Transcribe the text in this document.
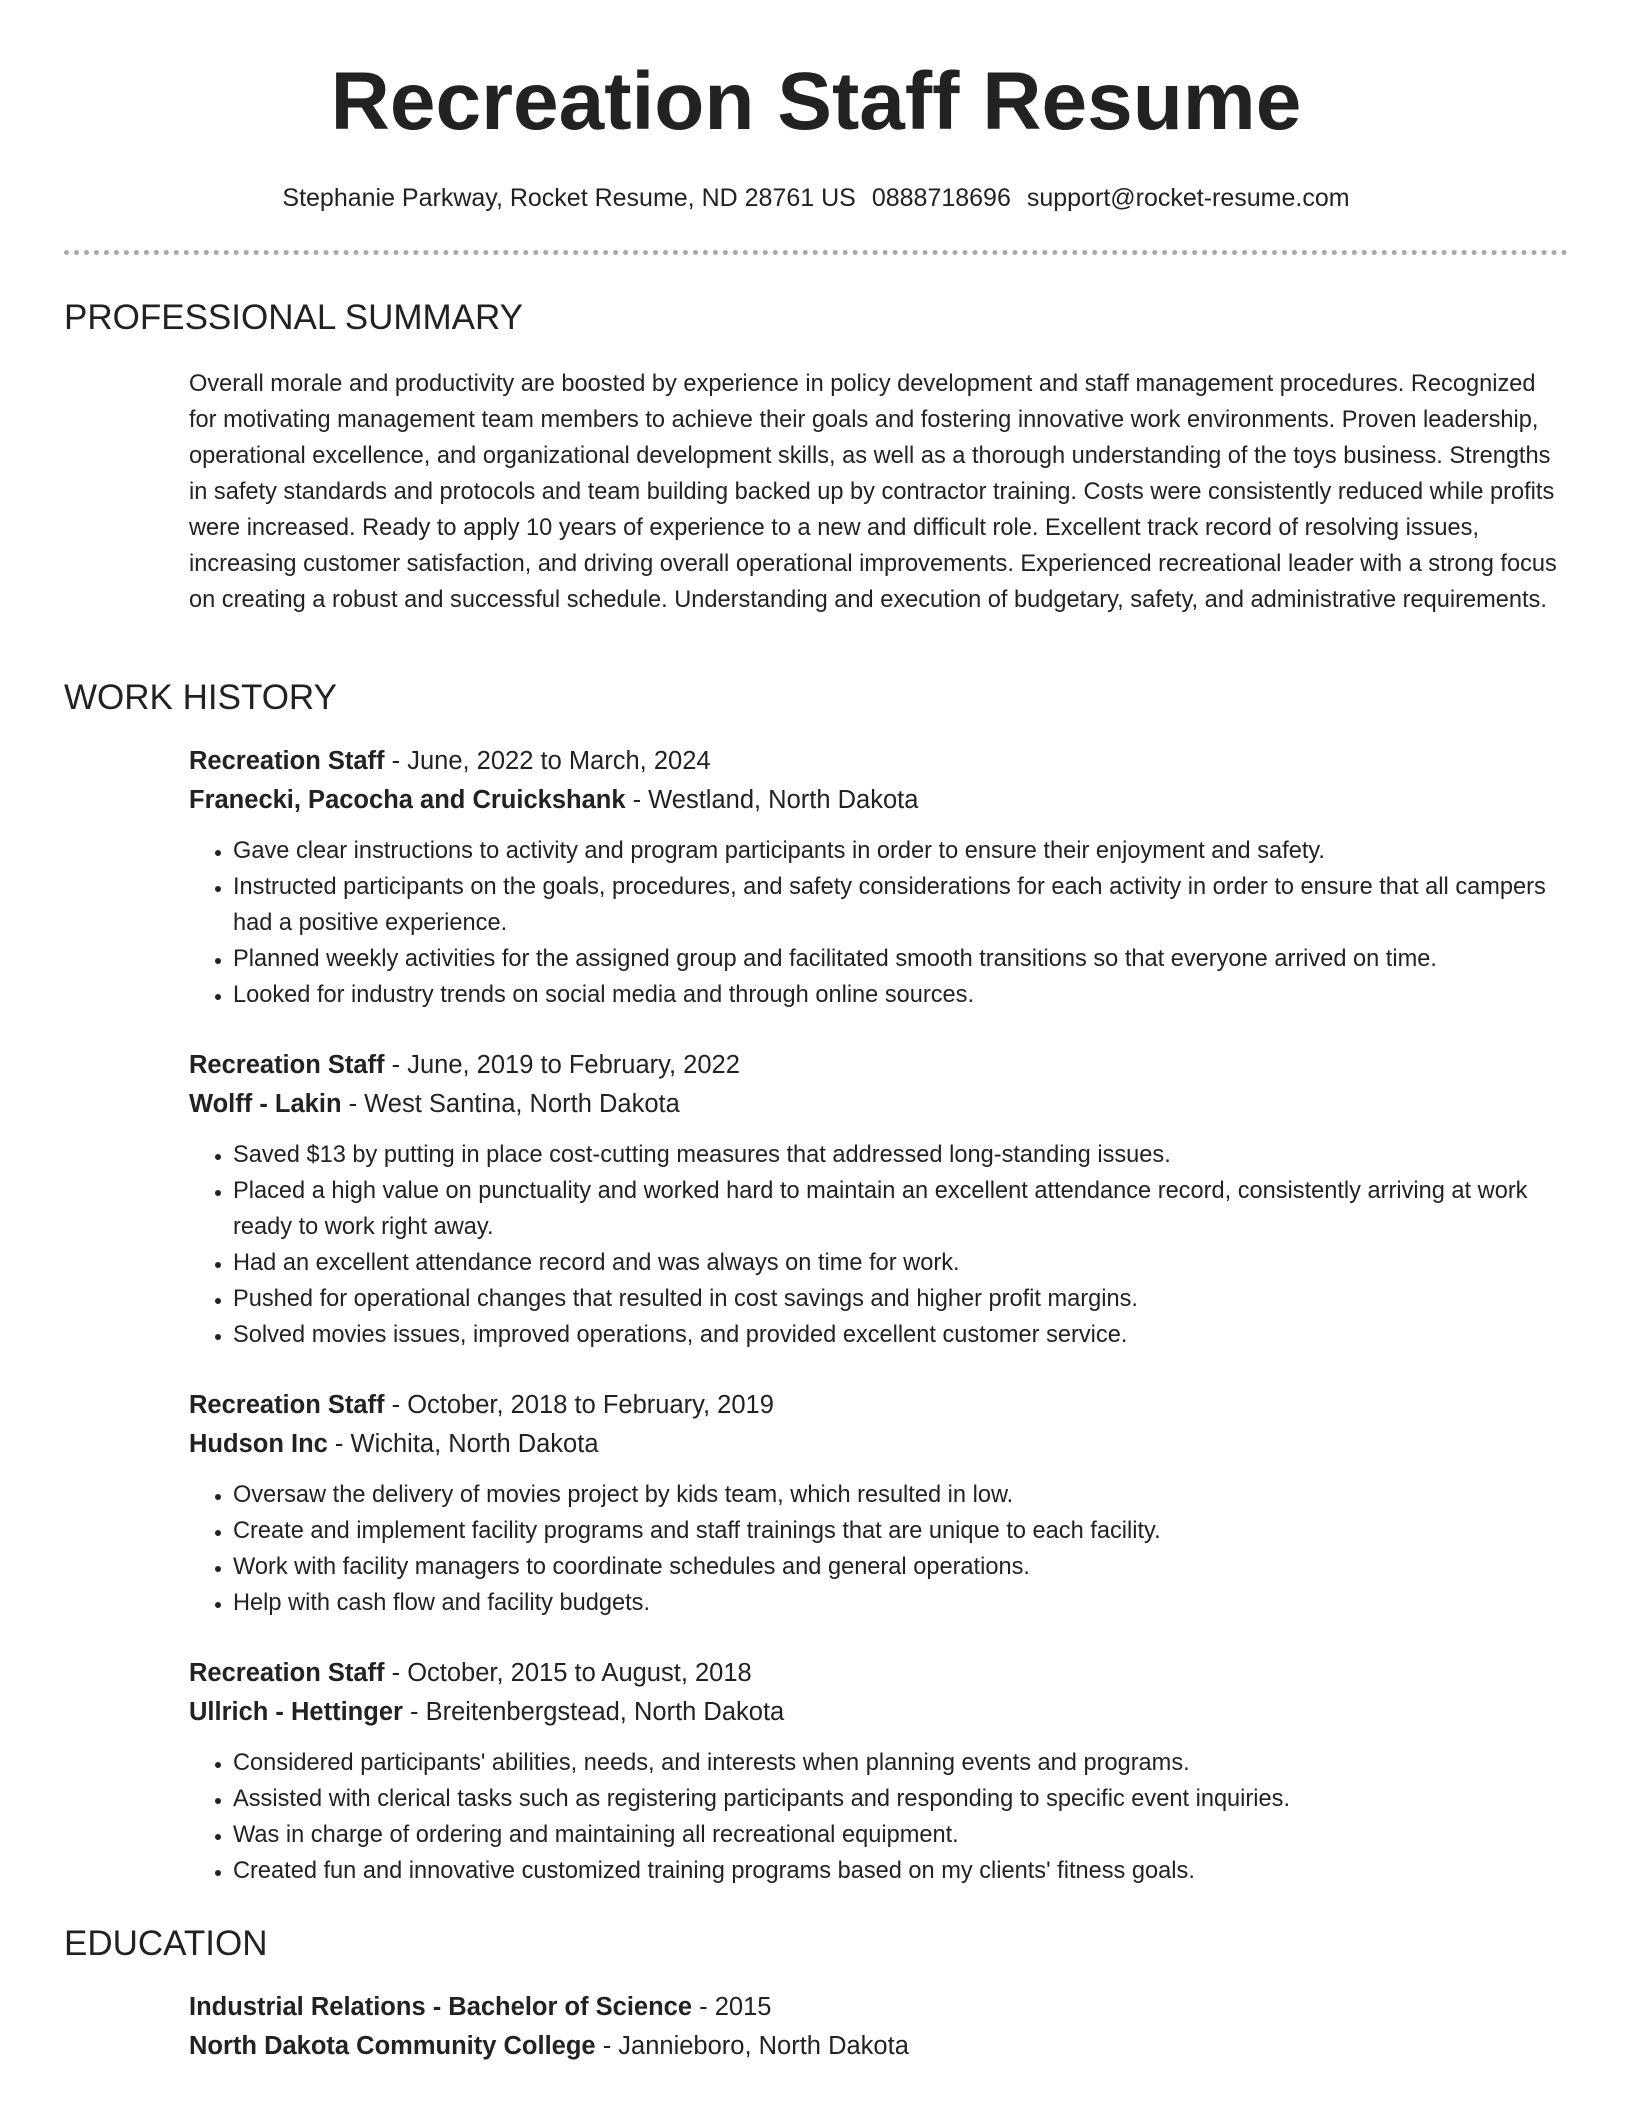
Recreation Staff Resume
Stephanie Parkway, Rocket Resume, ND 28761 US 0888718696 support@rocket-resume.com
PROFESSIONAL SUMMARY
Overall morale and productivity are boosted by experience in policy development and staff management procedures. Recognized for motivating management team members to achieve their goals and fostering innovative work environments. Proven leadership, operational excellence, and organizational development skills, as well as a thorough understanding of the toys business. Strengths in safety standards and protocols and team building backed up by contractor training. Costs were consistently reduced while profits were increased. Ready to apply 10 years of experience to a new and difficult role. Excellent track record of resolving issues, increasing customer satisfaction, and driving overall operational improvements. Experienced recreational leader with a strong focus on creating a robust and successful schedule. Understanding and execution of budgetary, safety, and administrative requirements.
WORK HISTORY
Recreation Staff - June, 2022 to March, 2024
Franecki, Pacocha and Cruickshank - Westland, North Dakota
• Gave clear instructions to activity and program participants in order to ensure their enjoyment and safety.
• Instructed participants on the goals, procedures, and safety considerations for each activity in order to ensure that all campers had a positive experience.
• Planned weekly activities for the assigned group and facilitated smooth transitions so that everyone arrived on time.
• Looked for industry trends on social media and through online sources.
Recreation Staff - June, 2019 to February, 2022
Wolff - Lakin - West Santina, North Dakota
• Saved $13 by putting in place cost-cutting measures that addressed long-standing issues.
• Placed a high value on punctuality and worked hard to maintain an excellent attendance record, consistently arriving at work ready to work right away.
• Had an excellent attendance record and was always on time for work.
• Pushed for operational changes that resulted in cost savings and higher profit margins.
• Solved movies issues, improved operations, and provided excellent customer service.
Recreation Staff - October, 2018 to February, 2019
Hudson Inc - Wichita, North Dakota
• Oversaw the delivery of movies project by kids team, which resulted in low.
• Create and implement facility programs and staff trainings that are unique to each facility.
• Work with facility managers to coordinate schedules and general operations.
• Help with cash flow and facility budgets.
Recreation Staff - October, 2015 to August, 2018
Ullrich - Hettinger - Breitenbergstead, North Dakota
• Considered participants' abilities, needs, and interests when planning events and programs.
• Assisted with clerical tasks such as registering participants and responding to specific event inquiries.
• Was in charge of ordering and maintaining all recreational equipment.
• Created fun and innovative customized training programs based on my clients' fitness goals.
EDUCATION
Industrial Relations - Bachelor of Science - 2015
North Dakota Community College - Jannieboro, North Dakota
